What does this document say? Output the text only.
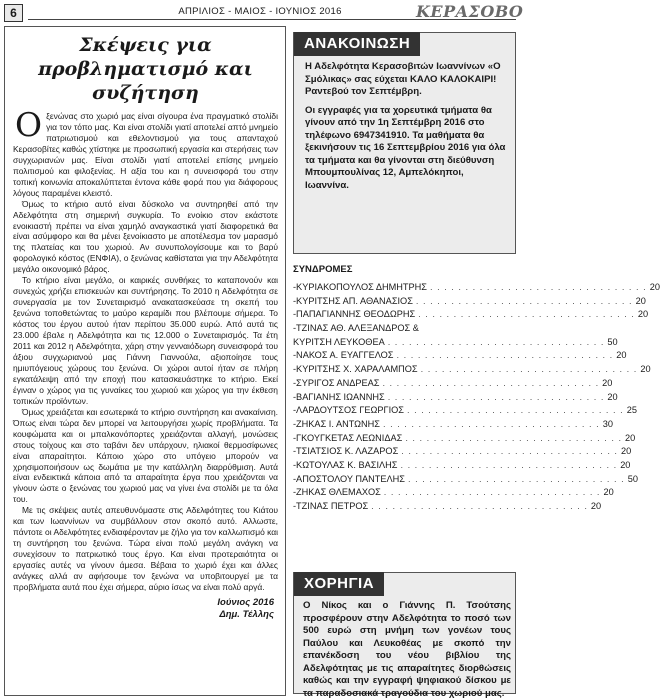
6	ΑΠΡΙΛΙΟΣ - ΜΑΙΟΣ - ΙΟΥΝΙΟΣ 2016	ΚΕΡΑΣΟΒΟ
Σκέψεις για προβληματισμό και συζήτηση

Οξενώνας στο χωριό μας είναι σίγουρα ένα πραγματικό στολίδι για τον τόπο μας. Και είναι στολίδι γιατί αποτελεί απτό μνημείο πατριωτισμού και εθελοντισμού για τους απανταχού Κερασοβίτες καθώς χτίστηκε με προσωπική εργασία και στερήσεις των συγχωριανών μας. Είναι στολίδι γιατί αποτελεί επίσης μνημείο πολιτισμού και φιλοξενίας. Η αξία του και η συνεισφορά του στην τοπική κοινωνία αποκαλύπτεται έντονα κάθε φορά που για διάφορους λόγους παραμένει κλειστό.

Όμως το κτήριο αυτό είναι δύσκολο να συντηρηθεί από την Αδελφότητα στη σημερινή συγκυρία. Το ενοίκιο στον εκάστοτε ενοικιαστή πρέπει να είναι χαμηλό αναγκαστικά γιατί διαφορετικά θα είναι ασύμφορο και θα μένει ξενοίκιαστο με αποτέλεσμα τον μαρασμό της πλατείας και του χωριού. Αν συνυπολογίσουμε και το βαρύ φορολογικό κόστος (ΕΝΦΙΑ), ο ξενώνας καθίσταται για την Αδελφότητα μεγάλο οικονομικό βάρος.

Το κτήριο είναι μεγάλο, οι καιρικές συνθήκες το καταπονούν και συνεχώς χρήζει επισκευών και συντήρησης. Το 2010 η Αδελφότητα σε συνεργασία με τον Συνεταιρισμό ανακατασκεύασε τη σκεπή του ξενώνα τοποθετώντας το μαύρο κεραμίδι που βλέπουμε σήμερα. Το κόστος του έργου αυτού ήταν περίπου 35.000 ευρώ. Από αυτά τις 23.000 έβαλε η Αδελφότητα και τις 12.000 ο Συνεταιρισμός. Τα έτη 2011 και 2012 η Αδελφότητα, χάρη στην γενναιόδωρη συνεισφορά του άξιου συγχωριανού μας Γιάννη Γιαννούλα, αξιοποίησε τους ημιυπόγειους χώρους του ξενώνα. Οι χώροι αυτοί ήταν σε πλήρη εγκατάλειψη από την εποχή που κατασκευάστηκε το κτήριο. Εκεί έγιναν ο χώρος για τις γυναίκες του χωριού και χώρος για την έκθεση τοπικών προϊόντων.

Όμως χρειάζεται και εσωτερικά το κτήριο συντήρηση και ανακαίνιση. Όπως είναι τώρα δεν μπορεί να λειτουργήσει χωρίς προβλήματα. Τα κουφώματα και οι μπαλκονόπορτες χρειάζονται αλλαγή, μονώσεις στους τοίχους και στο ταβάνι δεν υπάρχουν, ηλιακοί θερμοσίφωνες είναι απαραίτητοι. Κάποιο χώρο στο υπόγειο μπορούν να χρησιμοποιήσουν ως δωμάτια με την κατάλληλη διαρρύθμιση. Αυτά είναι ενδεικτικά κάποια από τα απαραίτητα έργα που χρειάζονται να γίνουν ώστε ο ξενώνας του χωριού μας να γίνει ένα στολίδι με τα όλα του.

Με τις σκέψεις αυτές απευθυνόμαστε στις Αδελφότητες του Κιάτου και των Ιωαννίνων να συμβάλλουν στον σκοπό αυτό. Αλλωστε, πάντοτε οι Αδελφότητες ενδιαφέρονταν με ζήλο για τον καλλωπισμό και τη συντήρηση του ξενώνα. Τώρα είναι πολύ μεγάλη ανάγκη να συνεχίσουν το πατριωτικό τους έργο. Και είναι προτεραιότητα οι εργασίες αυτές να γίνουν άμεσα. Βέβαια το χωριό έχει και άλλες ανάγκες αλλά αν αφήσουμε τον ξενώνα να υποβιτουργεί με τα προβλήματα αυτά που έχει σήμερα, αύριο ίσως να είναι πολύ αργά.

Ιούνιος 2016
Δημ. Τέλλης
ΑΝΑΚΟΙΝΩΣΗ

Η Αδελφότητα Κερασοβιτών Ιωαννίνων «Ο Σμόλικας» σας εύχεται ΚΑΛΟ ΚΑΛΟΚΑΙΡΙ! Ραντεβού τον Σεπτέμβρη.

Οι εγγραφές για τα χορευτικά τμήματα θα γίνουν από την 1η Σεπτέμβρη 2016 στο τηλέφωνο 6947341910. Τα μαθήματα θα ξεκινήσουν τις 16 Σεπτεμβρίου 2016 για όλα τα τμήματα και θα γίνονται στη διεύθυνση Μπουμπουλίνας 12, Αμπελόκηποι, Ιωαννίνα.

ΣΥΝΔΡΟΜΕΣ
-ΚΥΡΙΑΚΟΠΟΥΛΟΣ ΔΗΜΗΤΡΗΣ . . . . . . . . . . . . . . . . . . . . . . . . . . . . . . . 20
-ΚΥΡΙΤΣΗΣ ΑΠ. ΑΘΑΝΑΣΙΟΣ . . . . . . . . . . . . . . . . . . . . . . . . . . . . . . . 20
-ΠΑΠΑΓΙΑΝΝΗΣ ΘΕΟΔΩΡΗΣ . . . . . . . . . . . . . . . . . . . . . . . . . . . . . . . 20
-ΤΖΙΝΑΣ ΑΘ. ΑΛΕΞΑΝΔΡΟΣ &
ΚΥΡΙΤΣΗ ΛΕΥΚΟΘΕΑ . . . . . . . . . . . . . . . . . . . . . . . . . . . . . . . 50
-ΝΑΚΟΣ Α. ΕΥΑΓΓΕΛΟΣ . . . . . . . . . . . . . . . . . . . . . . . . . . . . . . . 20
-ΚΥΡΙΤΣΗΣ Χ. ΧΑΡΑΛΑΜΠΟΣ . . . . . . . . . . . . . . . . . . . . . . . . . . . . . . . 20
-ΣΥΡΙΓΟΣ ΑΝΔΡΕΑΣ . . . . . . . . . . . . . . . . . . . . . . . . . . . . . . . 20
-ΒΑΓΙΑΝΗΣ ΙΩΑΝΝΗΣ . . . . . . . . . . . . . . . . . . . . . . . . . . . . . . . 20
-ΛΑΡΔΟΥΤΣΟΣ ΓΕΩΡΓΙΟΣ . . . . . . . . . . . . . . . . . . . . . . . . . . . . . . . 25
-ΖΗΚΑΣ Ι. ΑΝΤΩΝΗΣ . . . . . . . . . . . . . . . . . . . . . . . . . . . . . . . 30
-ΓΚΟΥΓΚΕΤΑΣ ΛΕΩΝΙΔΑΣ . . . . . . . . . . . . . . . . . . . . . . . . . . . . . . . 20
-ΤΣΙΑΤΣΙΟΣ Κ. ΛΑΖΑΡΟΣ . . . . . . . . . . . . . . . . . . . . . . . . . . . . . . . 20
-ΚΩΤΟΥΛΑΣ Κ. ΒΑΣΙΛΗΣ . . . . . . . . . . . . . . . . . . . . . . . . . . . . . . . 20
-ΑΠΟΣΤΟΛΟΥ ΠΑΝΤΕΛΗΣ . . . . . . . . . . . . . . . . . . . . . . . . . . . . . . . 50
-ΖΗΚΑΣ ΘΛΕΜΑΧΟΣ . . . . . . . . . . . . . . . . . . . . . . . . . . . . . . . 20
-ΤΖΙΝΑΣ ΠΕΤΡΟΣ . . . . . . . . . . . . . . . . . . . . . . . . . . . . . . . 20
ΧΟΡΗΓΙΑ
Ο Νίκος και ο Γιάννης Π. Τσούτσης προσφέρουν στην Αδελφότητα το ποσό των 500 ευρώ στη μνήμη των γονέων τους Παύλου και Λευκοθέας με σκοπό την επανέκδοση του νέου βιβλίου της Αδελφότητας με τις απαραίτητες διορθώσεις καθώς και την εγγραφή ψηφιακού δίσκου με τα παραδοσιακά τραγούδια του χωριού μας.
